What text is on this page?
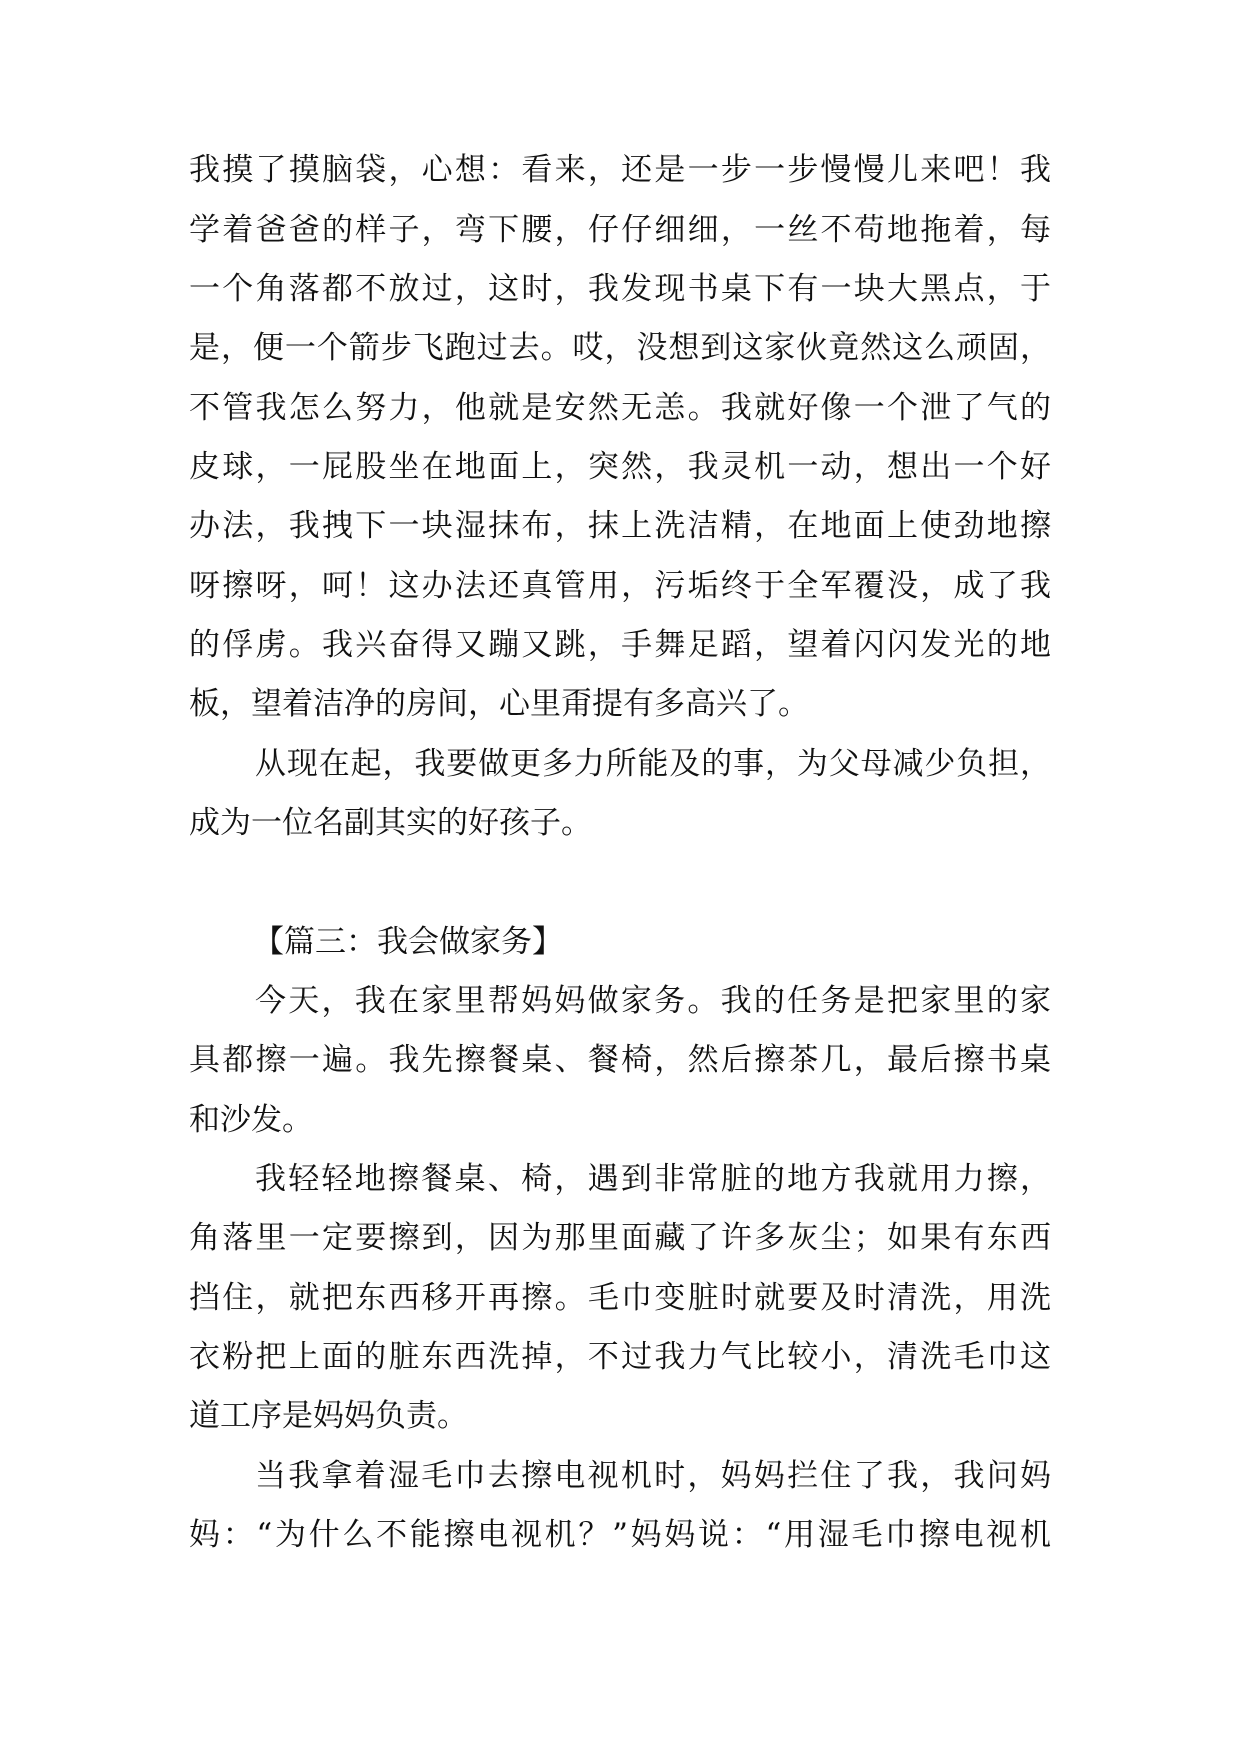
我摸了摸脑袋，心想：看来，还是一步一步慢慢儿来吧！我
学着爸爸的样子，弯下腰，仔仔细细，一丝不苟地拖着，每
一个角落都不放过，这时，我发现书桌下有一块大黑点，于
是，便一个箭步飞跑过去。哎，没想到这家伙竟然这么顽固，
不管我怎么努力，他就是安然无恙。我就好像一个泄了气的
皮球，一屁股坐在地面上，突然，我灵机一动，想出一个好
办法，我拽下一块湿抹布，抹上洗洁精，在地面上使劲地擦
呀擦呀，呵！这办法还真管用，污垢终于全军覆没，成了我
的俘虏。我兴奋得又蹦又跳，手舞足蹈，望着闪闪发光的地
板，望着洁净的房间，心里甭提有多高兴了。
从现在起，我要做更多力所能及的事，为父母减少负担，
成为一位名副其实的好孩子。
【篇三：我会做家务】
今天，我在家里帮妈妈做家务。我的任务是把家里的家
具都擦一遍。我先擦餐桌、餐椅，然后擦茶几，最后擦书桌
和沙发。
我轻轻地擦餐桌、椅，遇到非常脏的地方我就用力擦，
角落里一定要擦到，因为那里面藏了许多灰尘；如果有东西
挡住，就把东西移开再擦。毛巾变脏时就要及时清洗，用洗
衣粉把上面的脏东西洗掉，不过我力气比较小，清洗毛巾这
道工序是妈妈负责。
当我拿着湿毛巾去擦电视机时，妈妈拦住了我，我问妈
妈：“为什么不能擦电视机？”妈妈说：“用湿毛巾擦电视机
